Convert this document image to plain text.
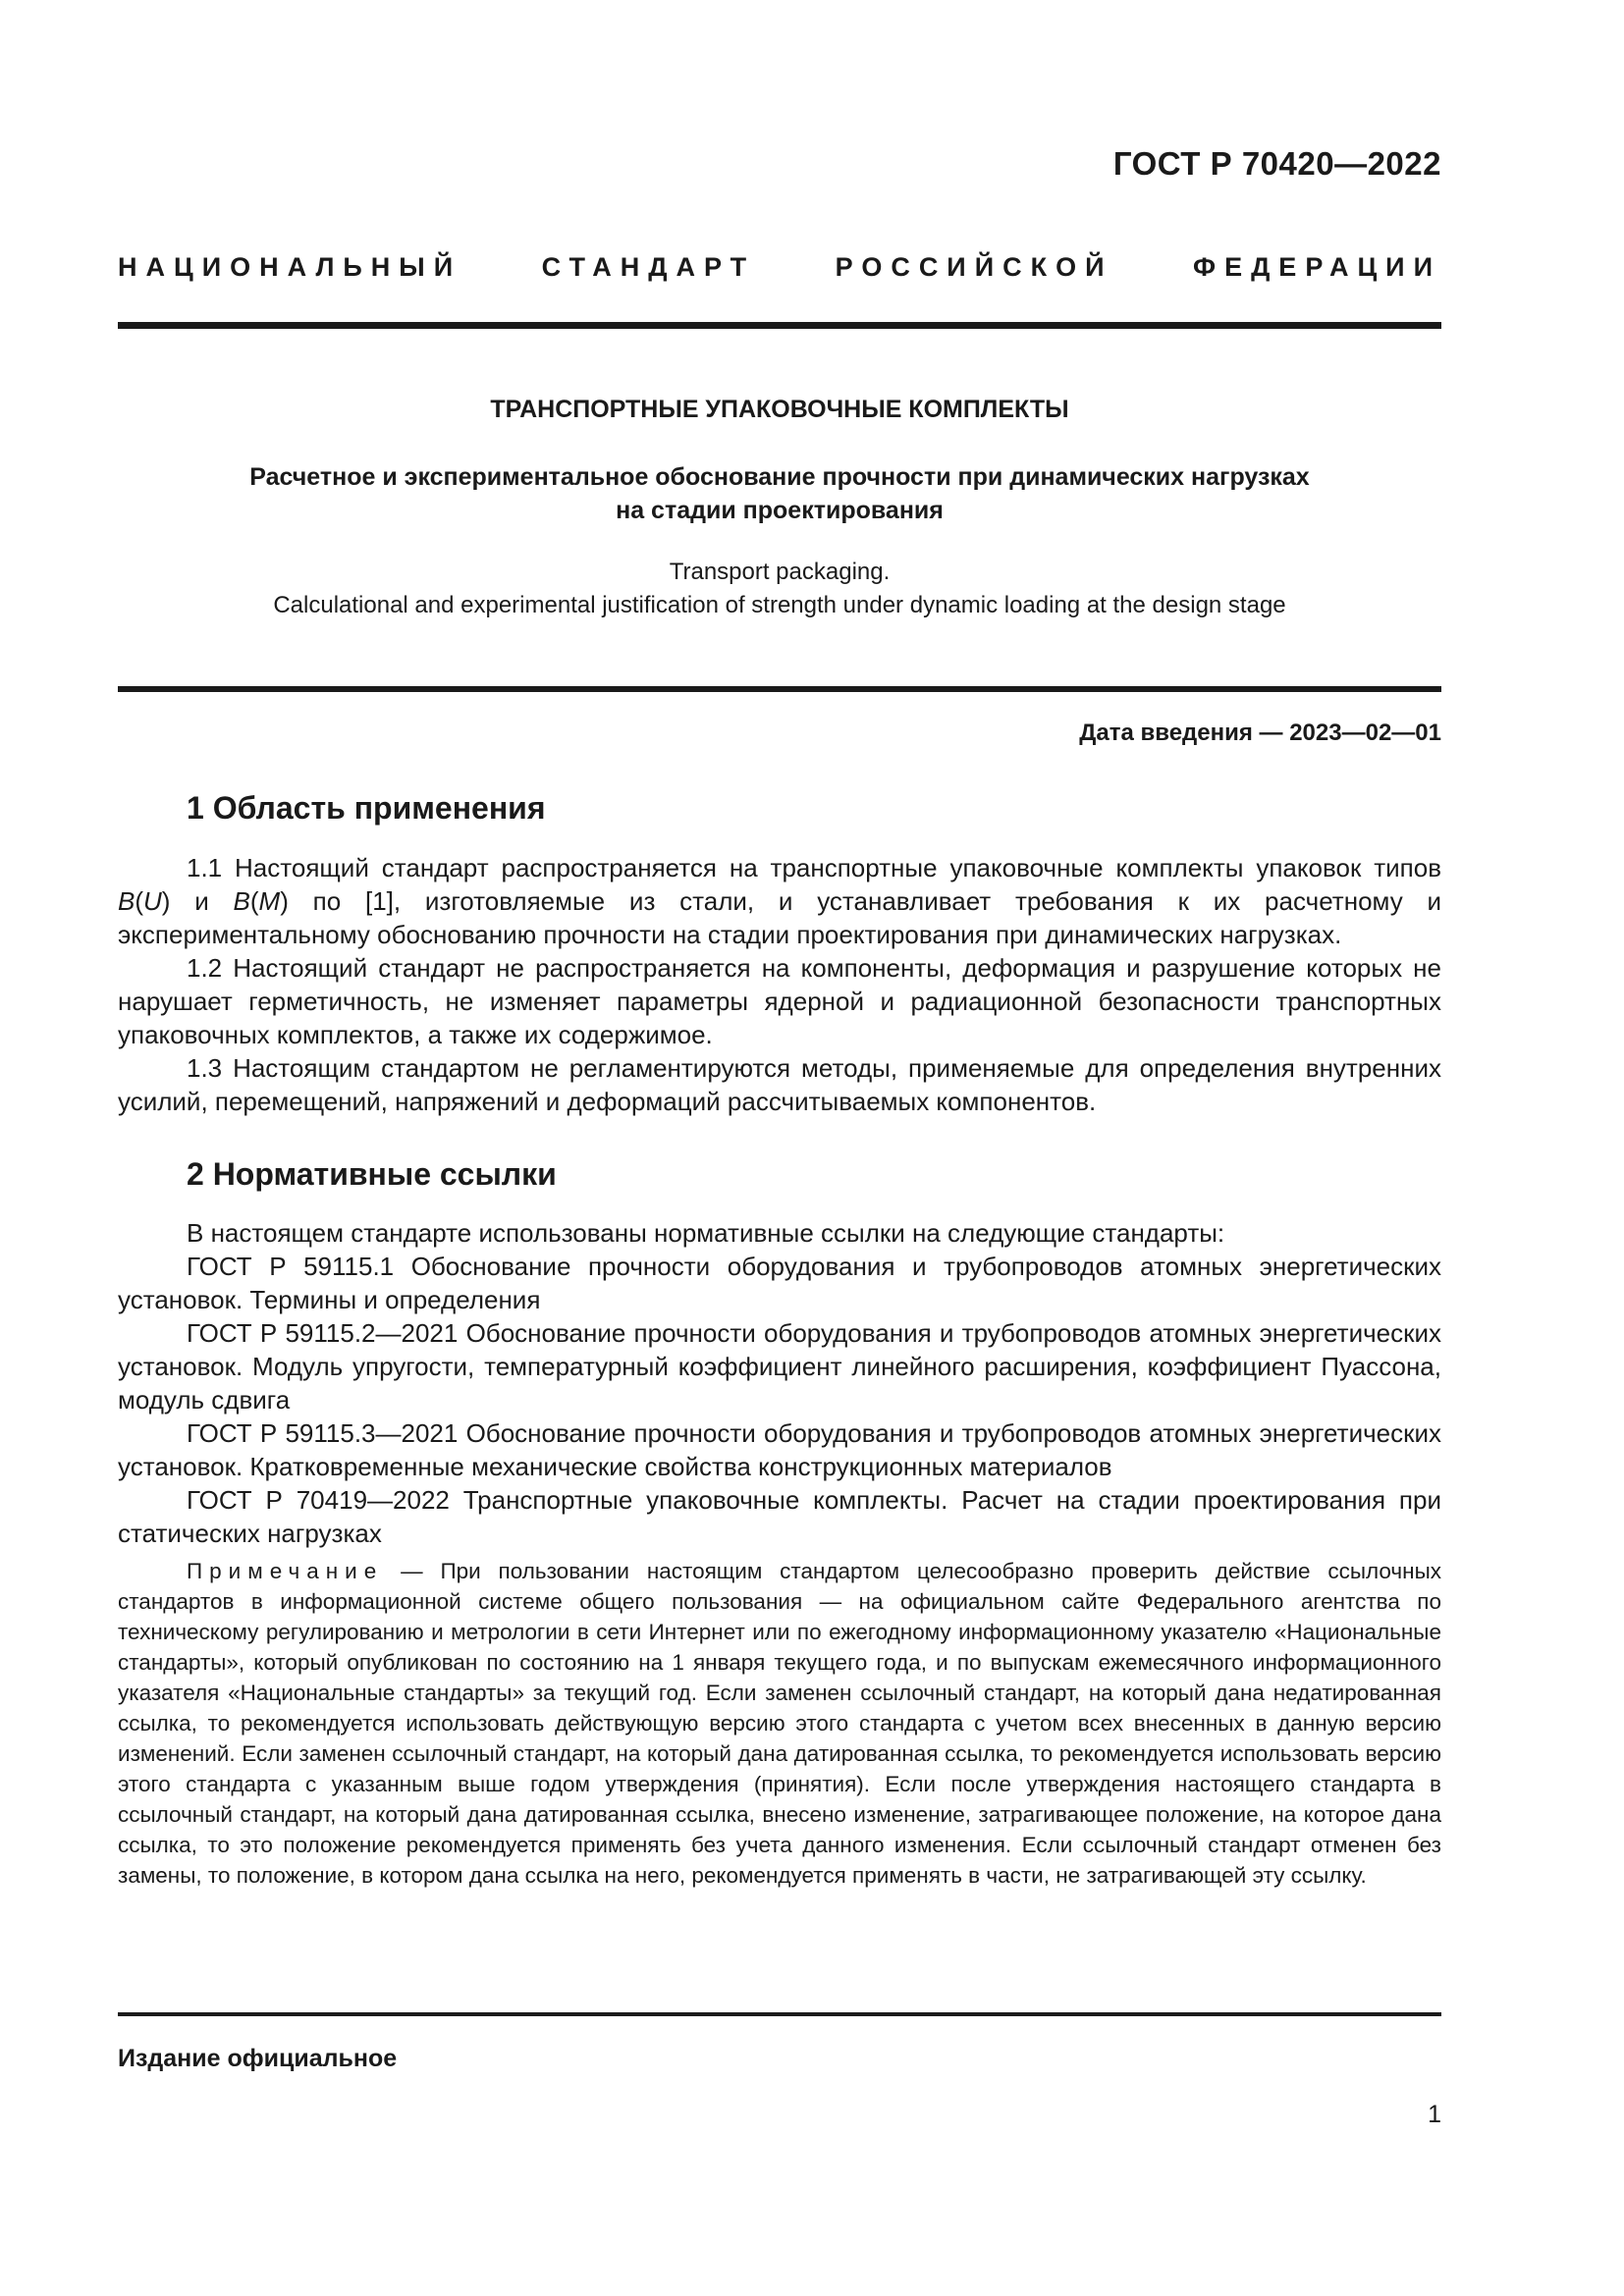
ГОСТ Р 70420—2022
НАЦИОНАЛЬНЫЙ СТАНДАРТ РОССИЙСКОЙ ФЕДЕРАЦИИ
ТРАНСПОРТНЫЕ УПАКОВОЧНЫЕ КОМПЛЕКТЫ
Расчетное и экспериментальное обоснование прочности при динамических нагрузках
на стадии проектирования
Transport packaging.
Calculational and experimental justification of strength under dynamic loading at the design stage
Дата введения — 2023—02—01
1 Область применения

1.1 Настоящий стандарт распространяется на транспортные упаковочные комплекты упаковок типов B(U) и B(M) по [1], изготовляемые из стали, и устанавливает требования к их расчетному и экспериментальному обоснованию прочности на стадии проектирования при динамических нагрузках.

1.2 Настоящий стандарт не распространяется на компоненты, деформация и разрушение которых не нарушает герметичность, не изменяет параметры ядерной и радиационной безопасности транспортных упаковочных комплектов, а также их содержимое.

1.3 Настоящим стандартом не регламентируются методы, применяемые для определения внутренних усилий, перемещений, напряжений и деформаций рассчитываемых компонентов.

2 Нормативные ссылки

В настоящем стандарте использованы нормативные ссылки на следующие стандарты:

ГОСТ Р 59115.1 Обоснование прочности оборудования и трубопроводов атомных энергетических установок. Термины и определения

ГОСТ Р 59115.2—2021 Обоснование прочности оборудования и трубопроводов атомных энергетических установок. Модуль упругости, температурный коэффициент линейного расширения, коэффициент Пуассона, модуль сдвига

ГОСТ Р 59115.3—2021 Обоснование прочности оборудования и трубопроводов атомных энергетических установок. Кратковременные механические свойства конструкционных материалов

ГОСТ Р 70419—2022 Транспортные упаковочные комплекты. Расчет на стадии проектирования при статических нагрузках

Примечание — При пользовании настоящим стандартом целесообразно проверить действие ссылочных стандартов в информационной системе общего пользования — на официальном сайте Федерального агентства по техническому регулированию и метрологии в сети Интернет или по ежегодному информационному указателю «Национальные стандарты», который опубликован по состоянию на 1 января текущего года, и по выпускам ежемесячного информационного указателя «Национальные стандарты» за текущий год. Если заменен ссылочный стандарт, на который дана недатированная ссылка, то рекомендуется использовать действующую версию этого стандарта с учетом всех внесенных в данную версию изменений. Если заменен ссылочный стандарт, на который дана датированная ссылка, то рекомендуется использовать версию этого стандарта с указанным выше годом утверждения (принятия). Если после утверждения настоящего стандарта в ссылочный стандарт, на который дана датированная ссылка, внесено изменение, затрагивающее положение, на которое дана ссылка, то это положение рекомендуется применять без учета данного изменения. Если ссылочный стандарт отменен без замены, то положение, в котором дана ссылка на него, рекомендуется применять в части, не затрагивающей эту ссылку.

Издание официальное
1
